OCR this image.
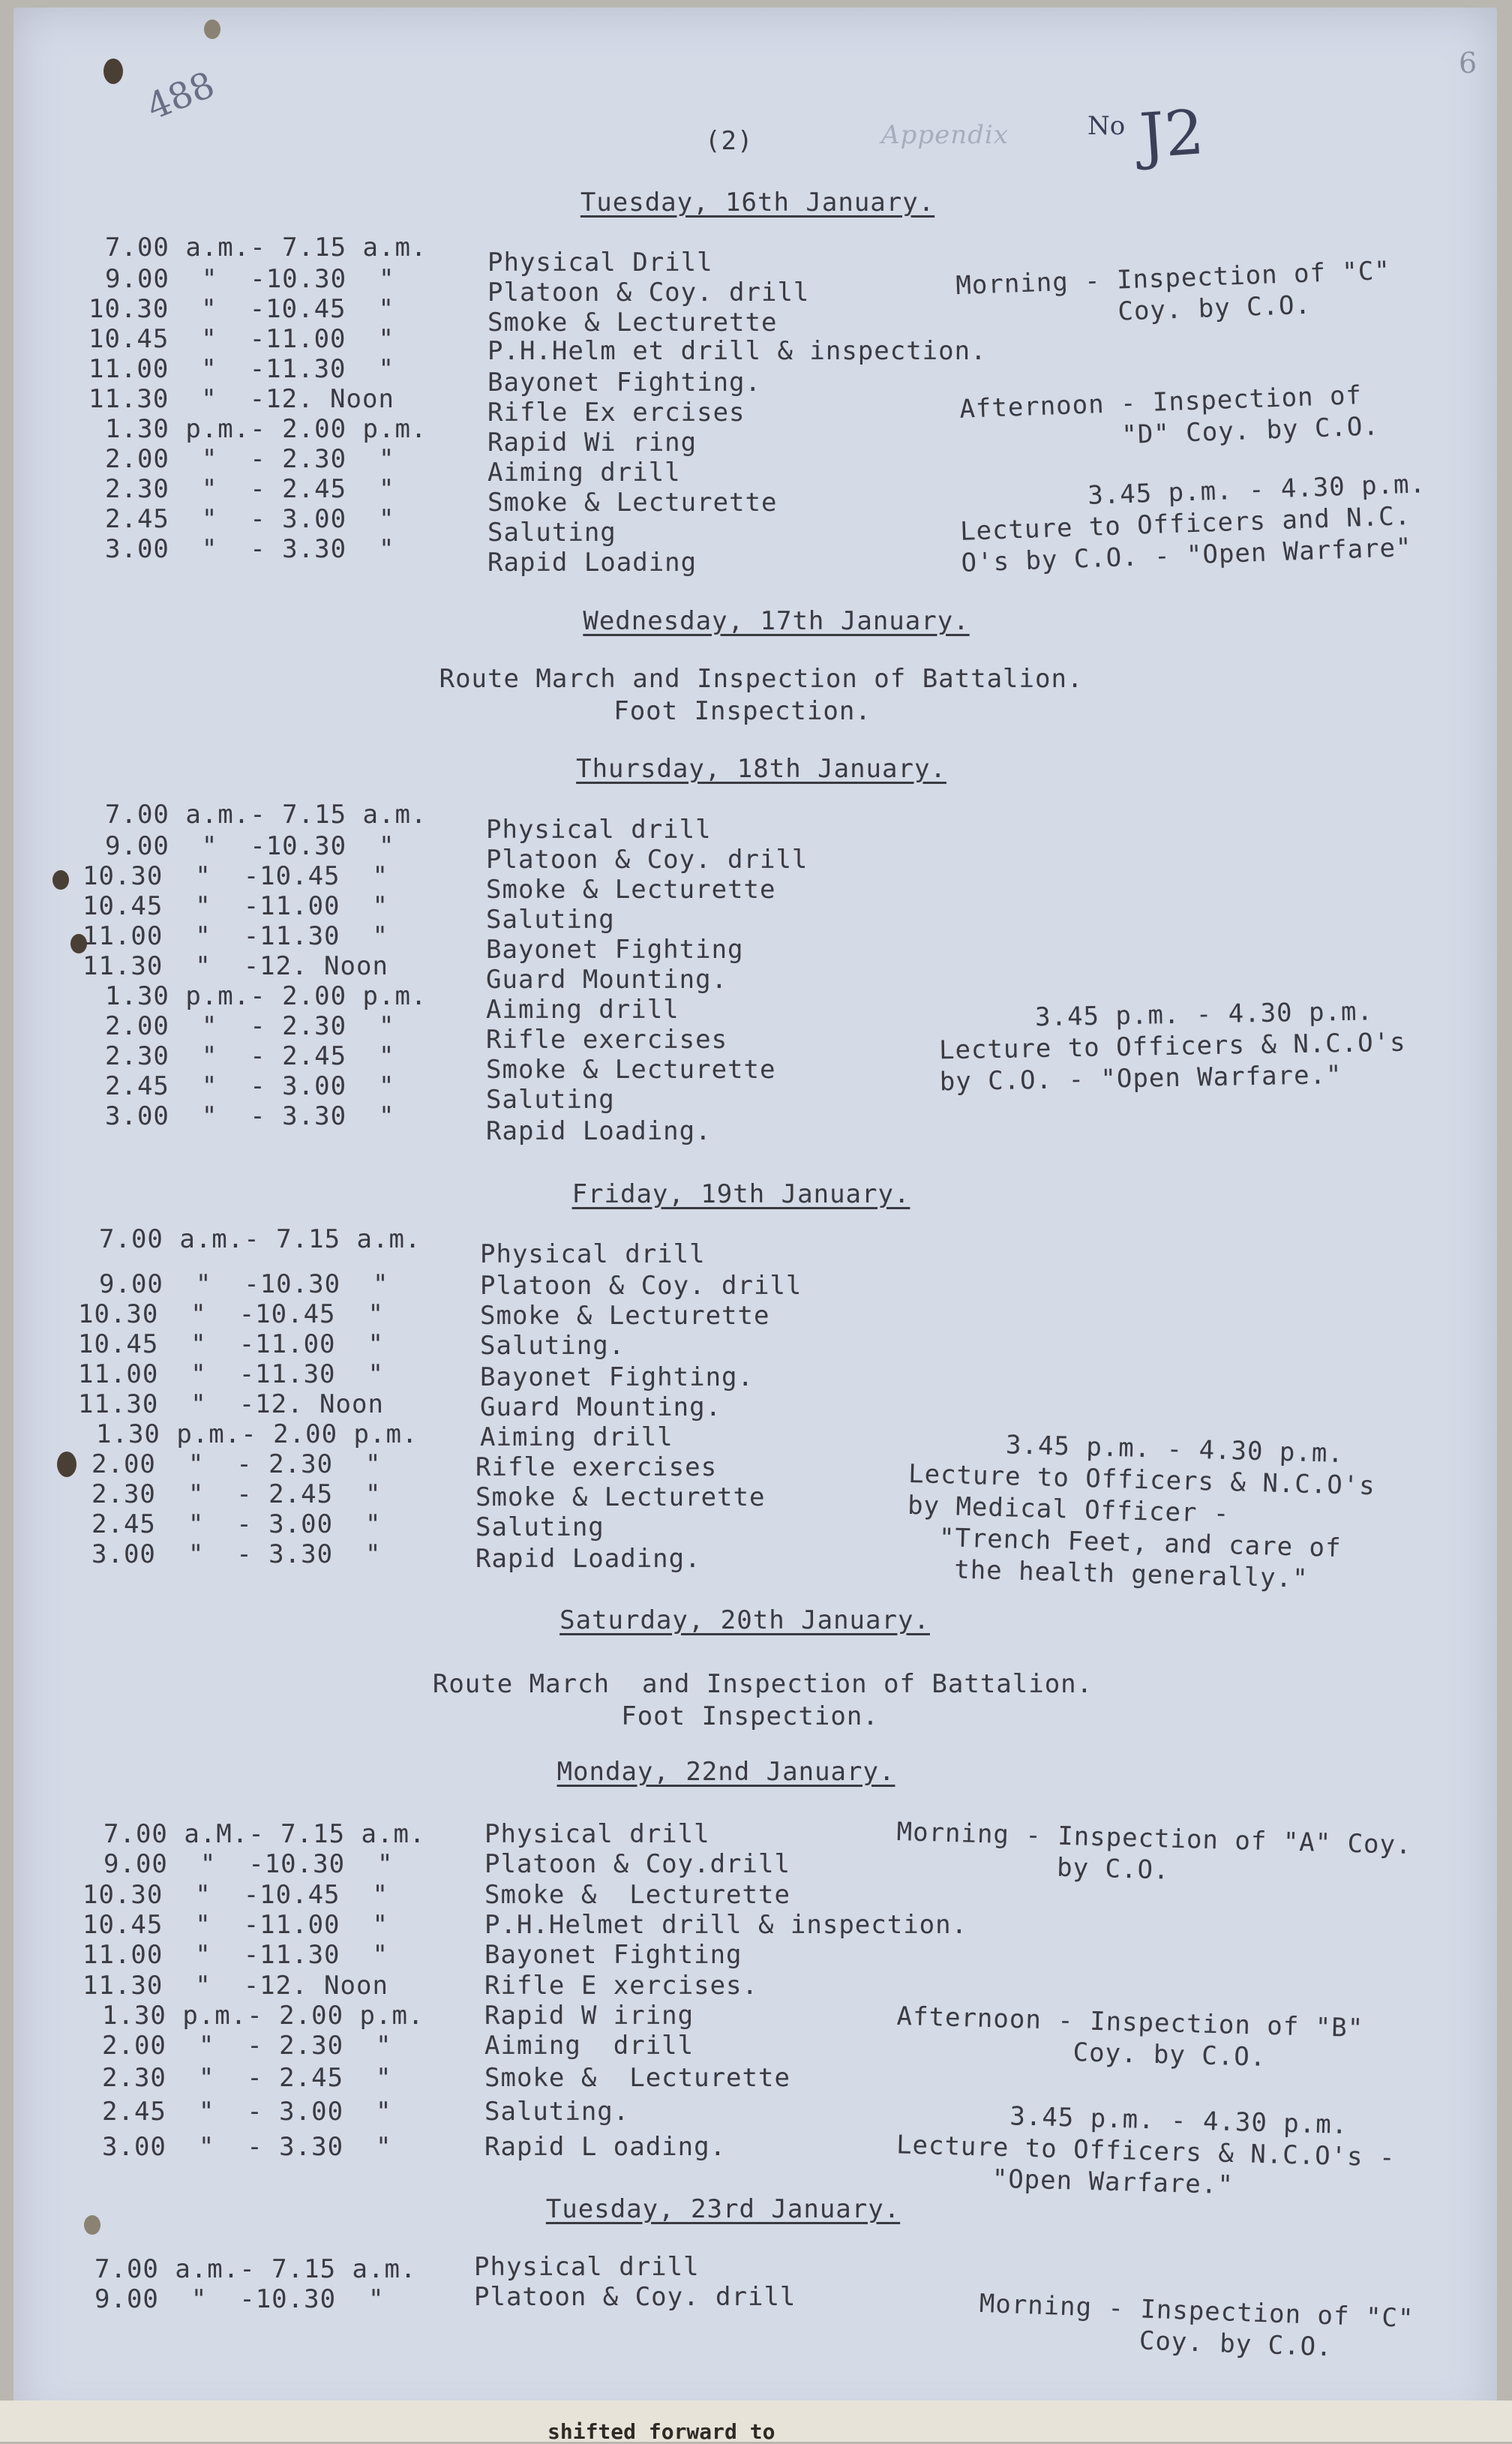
488
(2)	Appendix	No J2
6
Tuesday, 16th January.
7.00 a.m.- 7.15 a.m. Physical Drill
9.00  "  -10.30  "	Platoon & Coy. drill
10.30  "  -10.45  "	Smoke & Lecturette
10.45  "  -11.00  "	P.H.Helm et drill & inspection.
11.00  "  -11.30  "	Bayonet Fighting.
11.30  "  -12. Noon	Rifle Ex ercises
1.30 p.m.- 2.00 p.m. Rapid Wi ring
2.00  "  - 2.30  "	Aiming drill
2.30  "  - 2.45  "	Smoke & Lecturette
2.45  "  - 3.00  "	Saluting
3.00  "  - 3.30  "	Rapid Loading
Morning - Inspection of "C"
Coy. by C.O.
Afternoon - Inspection of
"D" Coy. by C.O.
3.45 p.m. - 4.30 p.m.
Lecture to Officers and N.C.
O's by C.O. - "Open Warfare"
Wednesday, 17th January.
Route March and Inspection of Battalion.
Foot Inspection.
Thursday, 18th January.
7.00 a.m.- 7.15 a.m. Physical drill
9.00  "  -10.30  "	Platoon & Coy. drill
10.30  "  -10.45  "	Smoke & Lecturette
10.45  "  -11.00  "	Saluting
11.00  "  -11.30  "	Bayonet Fighting
11.30  "  -12. Noon	Guard Mounting.
1.30 p.m.- 2.00 p.m. Aiming drill
2.00  "  - 2.30  "	Rifle exercises
2.30  "  - 2.45  "	Smoke & Lecturette
2.45  "  - 3.00  "	Saluting
3.00  "  - 3.30  "	Rapid Loading.
3.45 p.m. - 4.30 p.m.
Lecture to Officers & N.C.O's
by C.O. - "Open Warfare."
Friday, 19th January.
7.00 a.m.- 7.15 a.m. Physical drill
9.00  "  -10.30  "	Platoon & Coy. drill
10.30  "  -10.45  "	Smoke & Lecturette
10.45  "  -11.00  "	Saluting.
11.00  "  -11.30  "	Bayonet Fighting.
11.30  "  -12. Noon	Guard Mounting.
1.30 p.m.- 2.00 p.m. Aiming drill
2.00  "  - 2.30  "	Rifle exercises
2.30  "  - 2.45  "	Smoke & Lecturette
2.45  "  - 3.00  "	Saluting
3.00  "  - 3.30  "	Rapid Loading.
3.45 p.m. - 4.30 p.m.
Lecture to Officers & N.C.O's
by Medical Officer -
"Trench Feet, and care of
the health generally."
Saturday, 20th January.
Route March  and Inspection of Battalion.
Foot Inspection.
Monday, 22nd January.
7.00 a.M.- 7.15 a.m. Physical drill
9.00  "  -10.30  "	Platoon & Coy.drill
10.30  "  -10.45  "	Smoke &  Lecturette
10.45  "  -11.00  "	P.H.Helmet drill & inspection.
11.00  "  -11.30  "	Bayonet Fighting
11.30  "  -12. Noon	Rifle E xercises.
1.30 p.m.- 2.00 p.m. Rapid W iring
2.00  "  - 2.30  "	Aiming  drill
2.30  "  - 2.45  "	Smoke &  Lecturette
2.45  "  - 3.00  "	Saluting.
3.00  "  - 3.30  "	Rapid L oading.
Morning - Inspection of "A" Coy.
by C.O.
Afternoon - Inspection of "B"
Coy. by C.O.
3.45 p.m. - 4.30 p.m.
Lecture to Officers & N.C.O's -
"Open Warfare."
Tuesday, 23rd January.
7.00 a.m.- 7.15 a.m. Physical drill
9.00  "  -10.30  "	Platoon & Coy. drill	Morning - Inspection of "C"
Coy. by C.O.
shifted forward to
